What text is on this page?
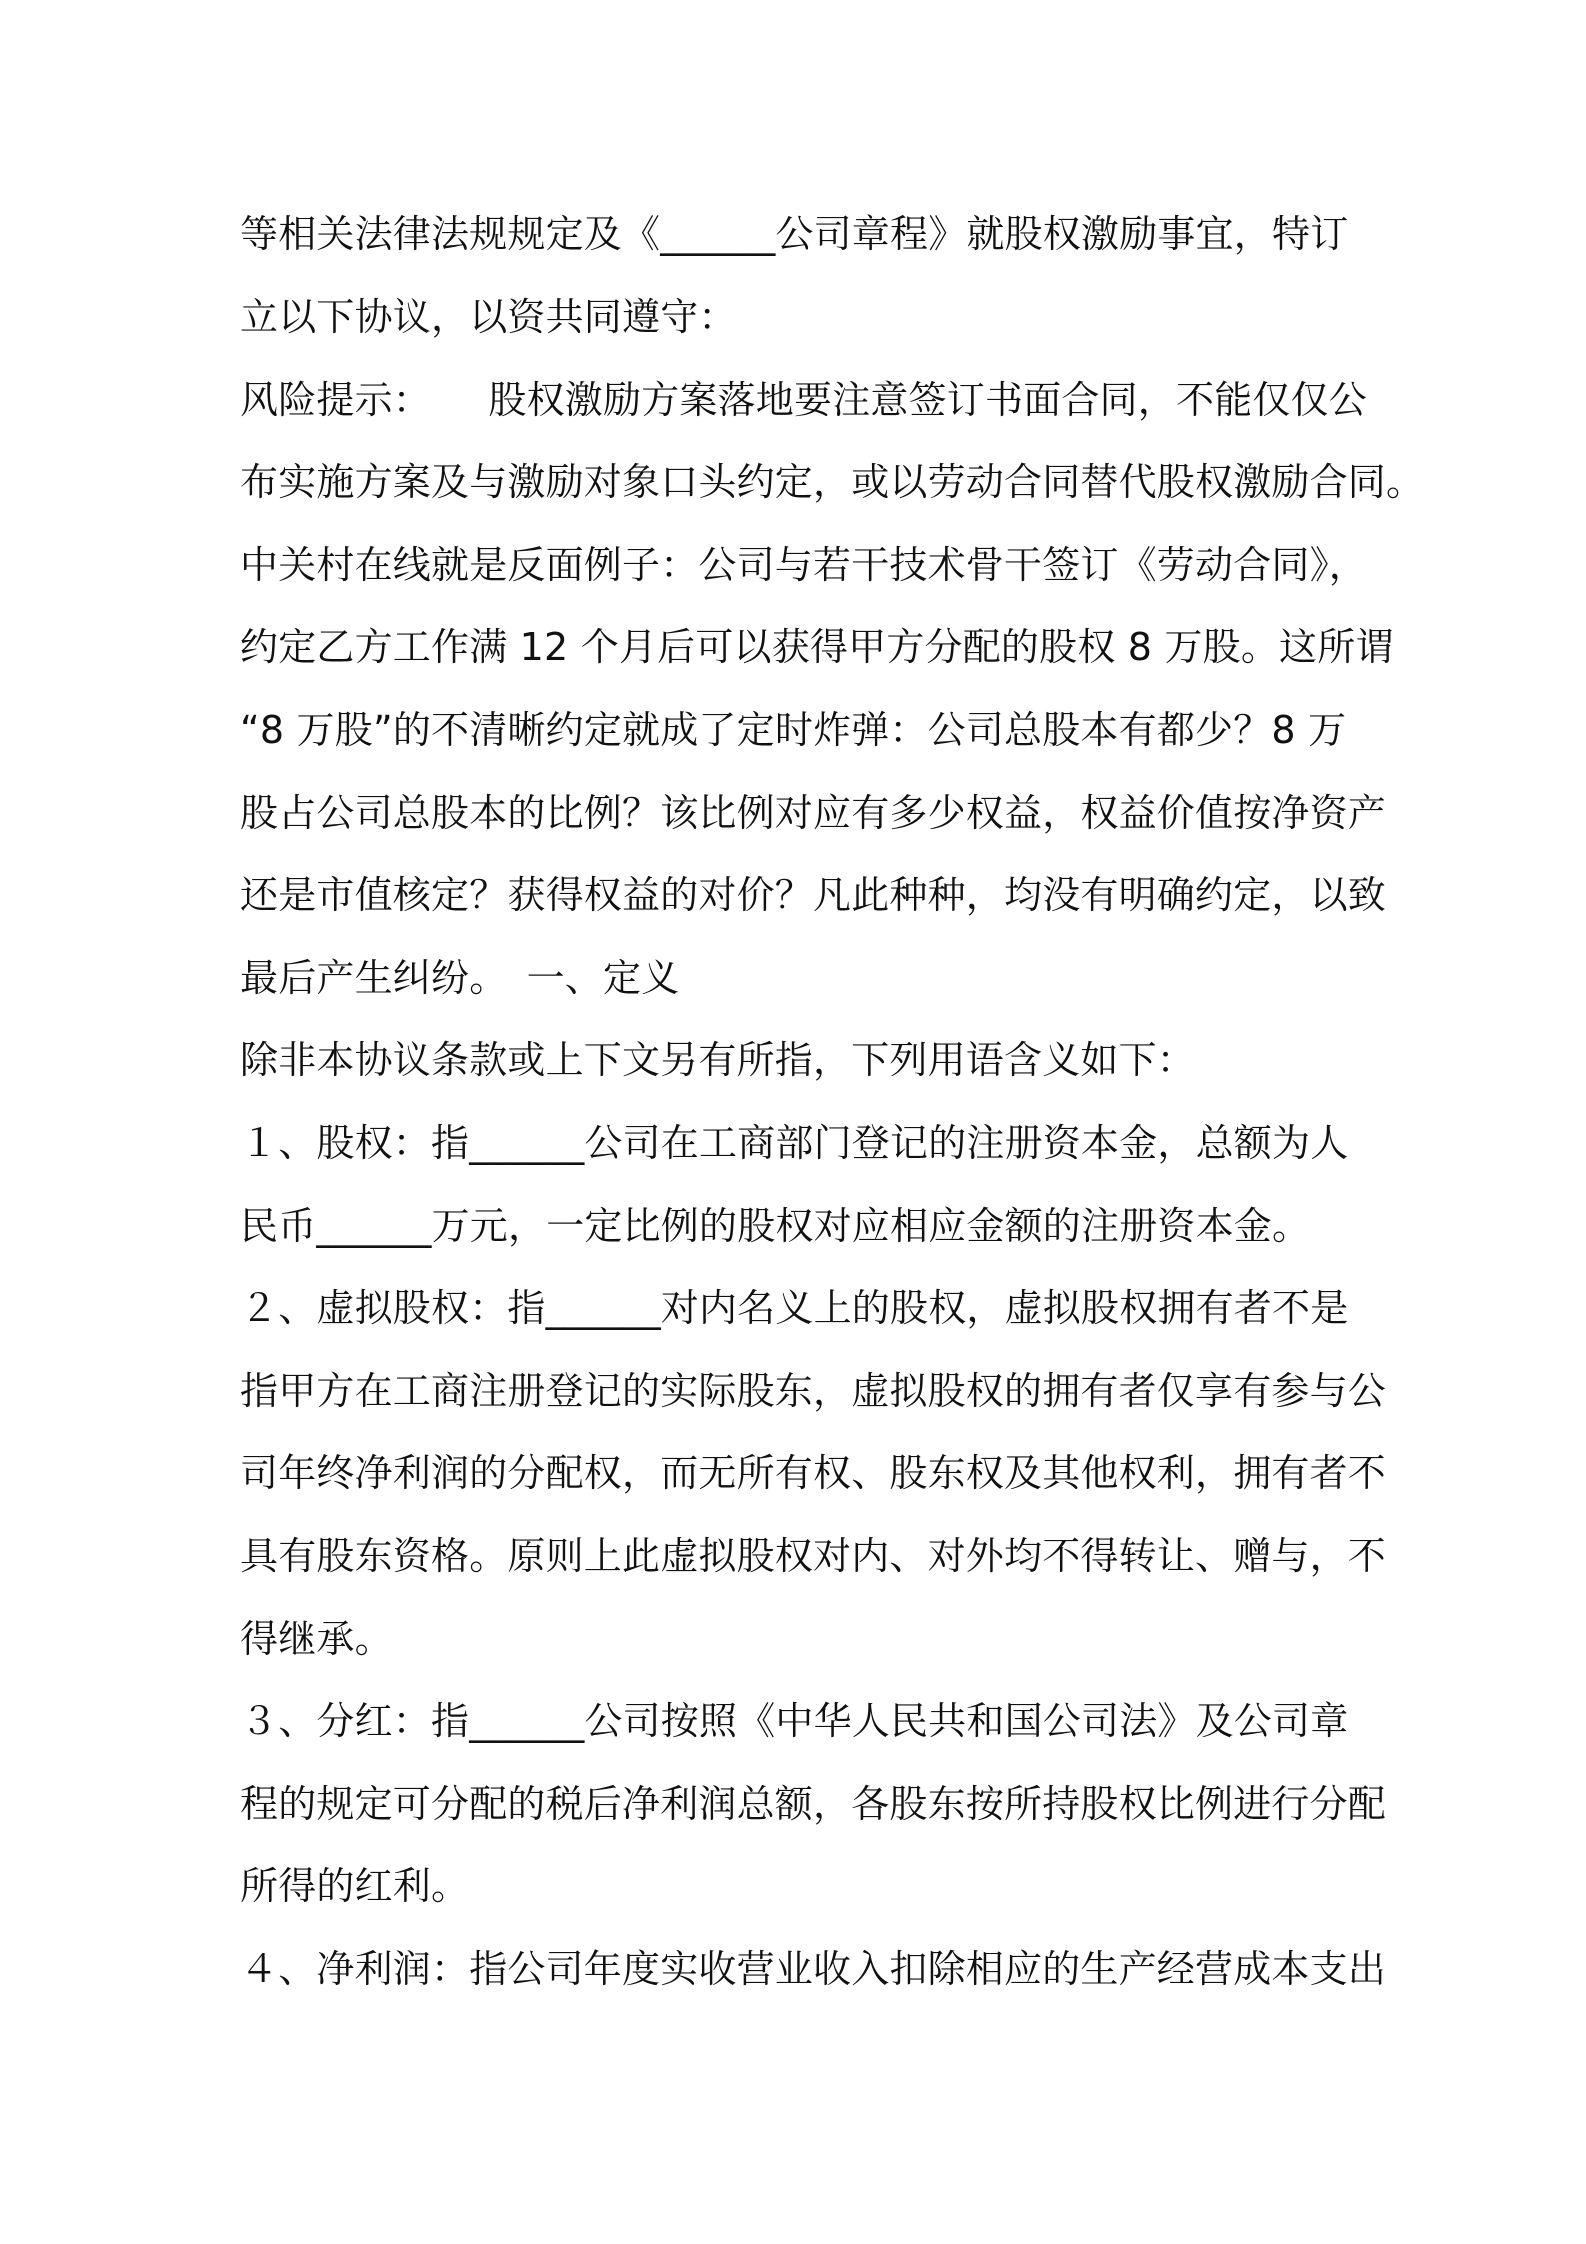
等相关法律法规规定及《______公司章程》就股权激励事宜，特订
立以下协议，以资共同遵守：
风险提示：　　股权激励方案落地要注意签订书面合同，不能仅仅公
布实施方案及与激励对象口头约定，或以劳动合同替代股权激励合同。
中关村在线就是反面例子：公司与若干技术骨干签订《劳动合同》，
约定乙方工作满 12 个月后可以获得甲方分配的股权 8 万股。这所谓
“8 万股”的不清晰约定就成了定时炸弹：公司总股本有都少？8 万
股占公司总股本的比例？该比例对应有多少权益，权益价值按净资产
还是市值核定？获得权益的对价？凡此种种，均没有明确约定，以致
最后产生纠纷。　一、定义
除非本协议条款或上下文另有所指，下列用语含义如下：
１、股权：指______公司在工商部门登记的注册资本金，总额为人
民币______万元，一定比例的股权对应相应金额的注册资本金。
２、虚拟股权：指______对内名义上的股权，虚拟股权拥有者不是
指甲方在工商注册登记的实际股东，虚拟股权的拥有者仅享有参与公
司年终净利润的分配权，而无所有权、股东权及其他权利，拥有者不
具有股东资格。原则上此虚拟股权对内、对外均不得转让、赠与，不
得继承。
３、分红：指______公司按照《中华人民共和国公司法》及公司章
程的规定可分配的税后净利润总额，各股东按所持股权比例进行分配
所得的红利。
４、净利润：指公司年度实收营业收入扣除相应的生产经营成本支出
